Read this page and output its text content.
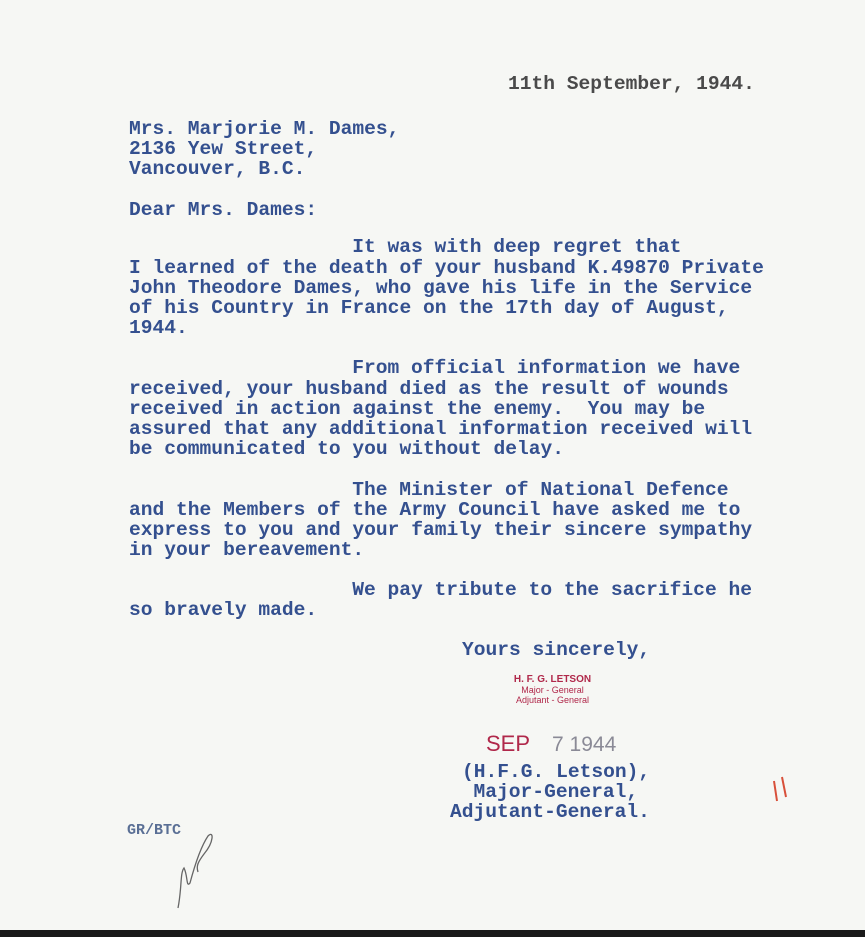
11th September, 1944.
Mrs. Marjorie M. Dames,
2136 Yew Street,
Vancouver, B.C.
Dear Mrs. Dames:
It was with deep regret that
I learned of the death of your husband K.49870 Private
John Theodore Dames, who gave his life in the Service
of his Country in France on the 17th day of August,
1944.
From official information we have
received, your husband died as the result of wounds
received in action against the enemy.  You may be
assured that any additional information received will
be communicated to you without delay.
The Minister of National Defence
and the Members of the Army Council have asked me to
express to you and your family their sincere sympathy
in your bereavement.
We pay tribute to the sacrifice he
so bravely made.
Yours sincerely,
H. F. G. LETSON
Major - General
Adjutant - General
SEP 7 1944
(H.F.G. Letson),
Major-General,
Adjutant-General.
GR/BTC
